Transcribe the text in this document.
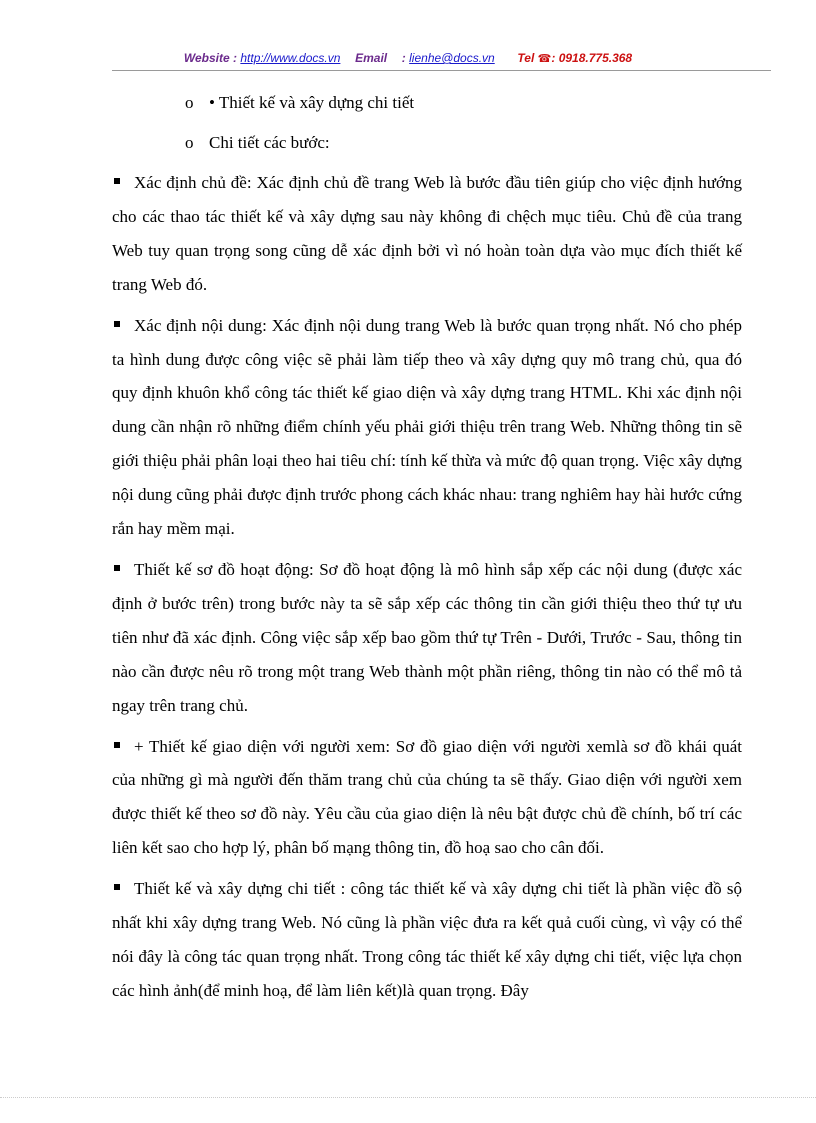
Website : http://www.docs.vn Email : lienhe@docs.vn Tel ☎: 0918.775.368
o • Thiết kế và xây dựng chi tiết
o Chi tiết các bước:

Xác định chủ đề: Xác định chủ đề trang Web là bước đầu tiên giúp cho việc định hướng cho các thao tác thiết kế và xây dựng sau này không đi chệch mục tiêu. Chủ đề của trang Web tuy quan trọng song cũng dễ xác định bởi vì nó hoàn toàn dựa vào mục đích thiết kế trang Web đó.

Xác định nội dung: Xác định nội dung trang Web là bước quan trọng nhất. Nó cho phép ta hình dung được công việc sẽ phải làm tiếp theo và xây dựng quy mô trang chủ, qua đó quy định khuôn khổ công tác thiết kế giao diện và xây dựng trang HTML. Khi xác định nội dung cần nhận rõ những điểm chính yếu phải giới thiệu trên trang Web. Những thông tin sẽ giới thiệu phải phân loại theo hai tiêu chí: tính kế thừa và mức độ quan trọng. Việc xây dựng nội dung cũng phải được định trước phong cách khác nhau: trang nghiêm hay hài hước cứng rắn hay mềm mại.

Thiết kế sơ đồ hoạt động: Sơ đồ hoạt động là mô hình sắp xếp các nội dung (được xác định ở bước trên) trong bước này ta sẽ sắp xếp các thông tin cần giới thiệu theo thứ tự ưu tiên như đã xác định. Công việc sắp xếp bao gồm thứ tự Trên - Dưới, Trước - Sau, thông tin nào cần được nêu rõ trong một trang Web thành một phần riêng, thông tin nào có thể mô tả ngay trên trang chủ.

+ Thiết kế giao diện với người xem: Sơ đồ giao diện với người xemlà sơ đồ khái quát của những gì mà người đến thăm trang chủ của chúng ta sẽ thấy. Giao diện với người xem được thiết kế theo sơ đồ này. Yêu cầu của giao diện là nêu bật được chủ đề chính, bố trí các liên kết sao cho hợp lý, phân bố mạng thông tin, đồ hoạ sao cho cân đối.

Thiết kế và xây dựng chi tiết : công tác thiết kế và xây dựng chi tiết là phần việc đồ sộ nhất khi xây dựng trang Web. Nó cũng là phần việc đưa ra kết quả cuối cùng, vì vậy có thể nói đây là công tác quan trọng nhất. Trong công tác thiết kế xây dựng chi tiết, việc lựa chọn các hình ảnh(để minh hoạ, để làm liên kết)là quan trọng. Đây
